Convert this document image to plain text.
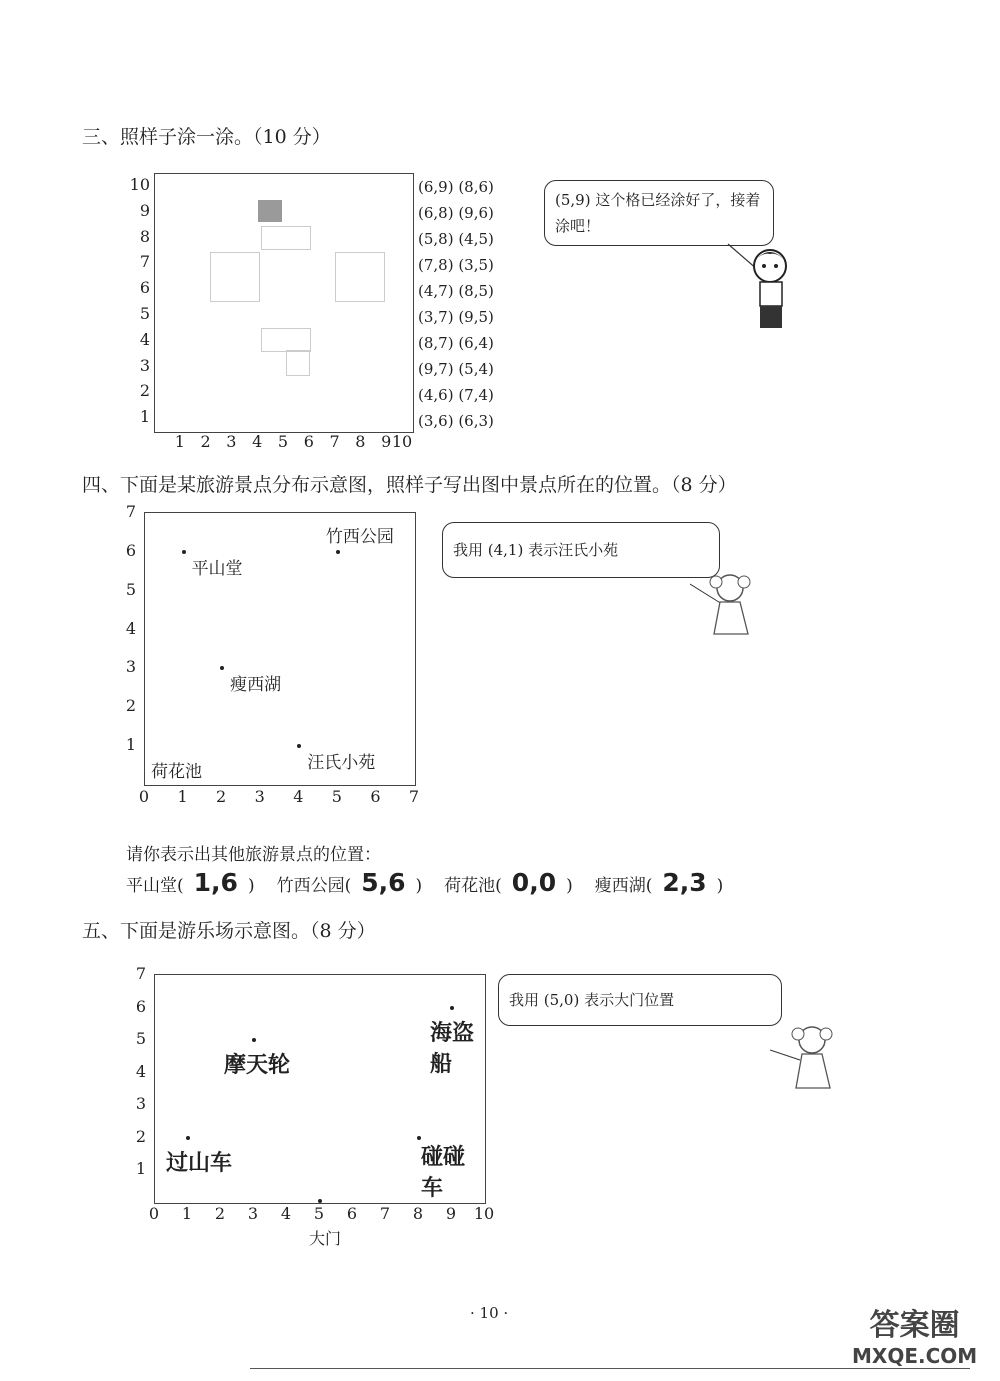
三、照样子涂一涂。（10 分）
10
9
8
7
6
5
4
3
2
1
1 2 3 4 5 6 7 8 9 10
(6,9) (8,6)
(6,8) (9,6)
(5,8) (4,5)
(7,8) (3,5)
(4,7) (8,5)
(3,7) (9,5)
(8,7) (6,4)
(9,7) (5,4)
(4,6) (7,4)
(3,6) (6,3)
(5,9) 这个格已经涂好了，接着涂吧！
四、下面是某旅游景点分布示意图，照样子写出图中景点所在的位置。（8 分）
竹西公园
平山堂
瘦西湖
汪氏小苑
荷花池
7
6
5
4
3
2
1
0	1	2	3	4	5	6	7
我用 (4,1) 表示汪氏小苑
请你表示出其他旅游景点的位置：
平山堂( 1,6 ) 竹西公园( 5,6 ) 荷花池( 0,0 ) 瘦西湖( 2,3 )
五、下面是游乐场示意图。（8 分）
海盗船
摩天轮
过山车	碰碰车
7
6
5
4
3
2
1
0	1	2	3	4	5	6	7	8	9	10
大门
我用 (5,0) 表示大门位置
· 10 ·	答案圈
MXQE.COM
